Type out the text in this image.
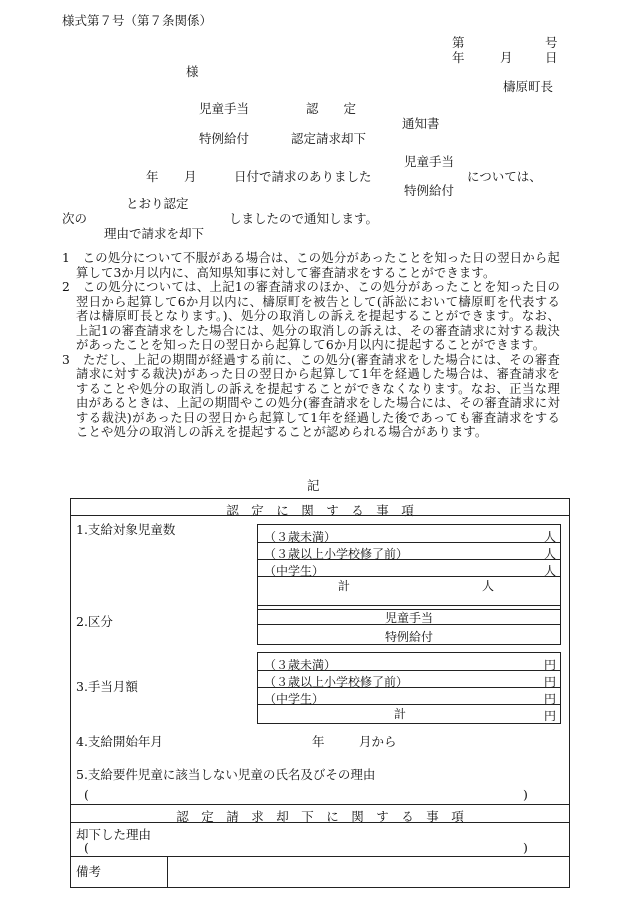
様式第７号（第７条関係）
第	号
年	月	日
様
檮原町長
児童手当	認　　定
通知書
特例給付	認定請求却下
児童手当
年 月	日付で請求のありました	については、
特例給付
とおり認定
次の	しましたので通知します。
理由で請求を却下

1　この処分について不服がある場合は、この処分があったことを知った日の翌日から起算して3か月以内に、高知県知事に対して審査請求をすることができます。

2　この処分については、上記1の審査請求のほか、この処分があったことを知った日の翌日から起算して6か月以内に、檮原町を被告として(訴訟において檮原町を代表する者は檮原町長となります。)、処分の取消しの訴えを提起することができます。なお、上記1の審査請求をした場合には、処分の取消しの訴えは、その審査請求に対する裁決があったことを知った日の翌日から起算して6か月以内に提起することができます。

3　ただし、上記の期間が経過する前に、この処分(審査請求をした場合には、その審査請求に対する裁決)があった日の翌日から起算して1年を経過した場合は、審査請求をすることや処分の取消しの訴えを提起することができなくなります。なお、正当な理由があるときは、上記の期間やこの処分(審査請求をした場合には、その審査請求に対する裁決)があった日の翌日から起算して1年を経過した後であっても審査請求をすることや処分の取消しの訴えを提起することが認められる場合があります。

記
認　定　に　関　す　る　事　項
1.支給対象児童数	（３歳未満）	人
（３歳以上小学校修了前）	人
（中学生）	人
計	人
2.区分	児童手当
特例給付
3.手当月額
（３歳未満）	円
（３歳以上小学校修了前）	円
（中学生）	円
計	円
4.支給開始年月	年	月から
5.支給要件児童に該当しない児童の氏名及びその理由
(	)
認　定　請　求　却　下　に　関　す　る　事　項
却下した理由
(	)
備考
